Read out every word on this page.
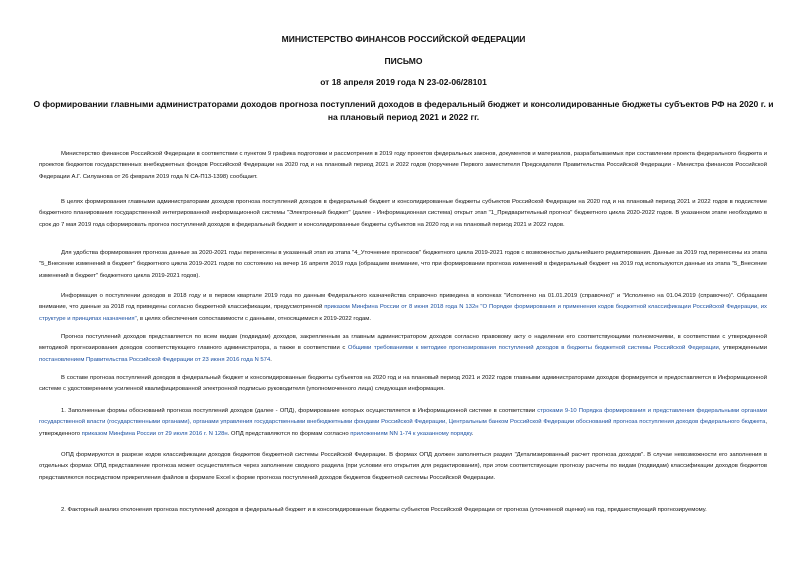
МИНИСТЕРСТВО ФИНАНСОВ РОССИЙСКОЙ ФЕДЕРАЦИИ
ПИСЬМО
от 18 апреля 2019 года N 23-02-06/28101
О формировании главными администраторами доходов прогноза поступлений доходов в федеральный бюджет и консолидированные бюджеты субъектов РФ на 2020 г. и на плановый период 2021 и 2022 гг.

Министерство финансов Российской Федерации в соответствии с пунктом 9 графика подготовки и рассмотрения в 2019 году проектов федеральных законов, документов и материалов, разрабатываемых при составлении проекта федерального бюджета и проектов бюджетов государственных внебюджетных фондов Российской Федерации на 2020 год и на плановый период 2021 и 2022 годов (поручение Первого заместителя Председателя Правительства Российской Федерации - Министра финансов Российской Федерации А.Г. Силуанова от 26 февраля 2019 года N СА-П13-1398) сообщает.

В целях формирования главными администраторами доходов прогноза поступлений доходов в федеральный бюджет и консолидированные бюджеты субъектов Российской Федерации на 2020 год и на плановый период 2021 и 2022 годов в подсистеме бюджетного планирования государственной интегрированной информационной системы "Электронный бюджет" (далее - Информационная система) открыт этап "1_Предварительный прогноз" бюджетного цикла 2020-2022 годов. В указанном этапе необходимо в срок до 7 мая 2019 года сформировать прогноз поступлений доходов в федеральный бюджет и консолидированные бюджеты субъектов на 2020 год и на плановый период 2021 и 2022 годов.

Для удобства формирования прогноза данные за 2020-2021 годы перенесены в указанный этап из этапа "4_Уточнение прогнозов" бюджетного цикла 2019-2021 годов с возможностью дальнейшего редактирования. Данные за 2019 год перенесены из этапа "5_Внесение изменений в бюджет" бюджетного цикла 2019-2021 годов по состоянию на вечер 16 апреля 2019 года (обращаем внимание, что при формировании прогноза изменений в федеральный бюджет на 2019 год используются данные из этапа "5_Внесение изменений в бюджет" бюджетного цикла 2019-2021 годов).

Информация о поступлении доходов в 2018 году и в первом квартале 2019 года по данным Федерального казначейства справочно приведена в колонках "Исполнено на 01.01.2019 (справочно)" и "Исполнено на 01.04.2019 (справочно)". Обращаем внимание, что данные за 2018 год приведены согласно бюджетной классификации, предусмотренной приказом Минфина России от 8 июня 2018 года N 132н "О Порядке формирования и применения кодов бюджетной классификации Российской Федерации, их структуре и принципах назначения", в целях обеспечения сопоставимости с данными, относящимися к 2019-2022 годам.

Прогноз поступлений доходов представляется по всем видам (подвидам) доходов, закрепленным за главным администратором доходов согласно правовому акту о наделении его соответствующими полномочиями, в соответствии с утвержденной методикой прогнозирования доходов соответствующего главного администратора, а также в соответствии с Общими требованиями к методике прогнозирования поступлений доходов в бюджеты бюджетной системы Российской Федерации, утвержденными постановлением Правительства Российской Федерации от 23 июня 2016 года N 574.

В составе прогноза поступлений доходов в федеральный бюджет и консолидированные бюджеты субъектов на 2020 год и на плановый период 2021 и 2022 годов главными администраторами доходов формируется и предоставляется в Информационной системе с удостоверением усиленной квалифицированной электронной подписью руководителя (уполномоченного лица) следующая информация.

1. Заполненные формы обоснований прогноза поступлений доходов (далее - ОПД), формирование которых осуществляется в Информационной системе в соответствии строками 9-10 Порядка формирования и представления федеральными органами государственной власти (государственными органами), органами управления государственными внебюджетными фондами Российской Федерации, Центральным банком Российской Федерации обоснований прогноза поступления доходов федерального бюджета, утвержденного приказом Минфина России от 29 июля 2016 г. N 128н. ОПД представляются по формам согласно приложениям NN 1-74 к указанному порядку.

ОПД формируются в разрезе кодов классификации доходов бюджетов бюджетной системы Российской Федерации. В формах ОПД должен заполняться раздел "Детализированный расчет прогноза доходов". В случае невозможности его заполнения в отдельных формах ОПД представление прогноза может осуществляться через заполнение сводного раздела (при условии его открытия для редактирования), при этом соответствующие прогнозу расчеты по видам (подвидам) классификации доходов бюджетов представляются посредством прикрепления файлов в формате Excel к форме прогноза поступлений доходов бюджетов бюджетной системы Российской Федерации.

2. Факторный анализ отклонения прогноза поступлений доходов в федеральный бюджет и в консолидированные бюджеты субъектов Российской Федерации от прогноза (уточненной оценки) на год, предшествующий прогнозируемому.
